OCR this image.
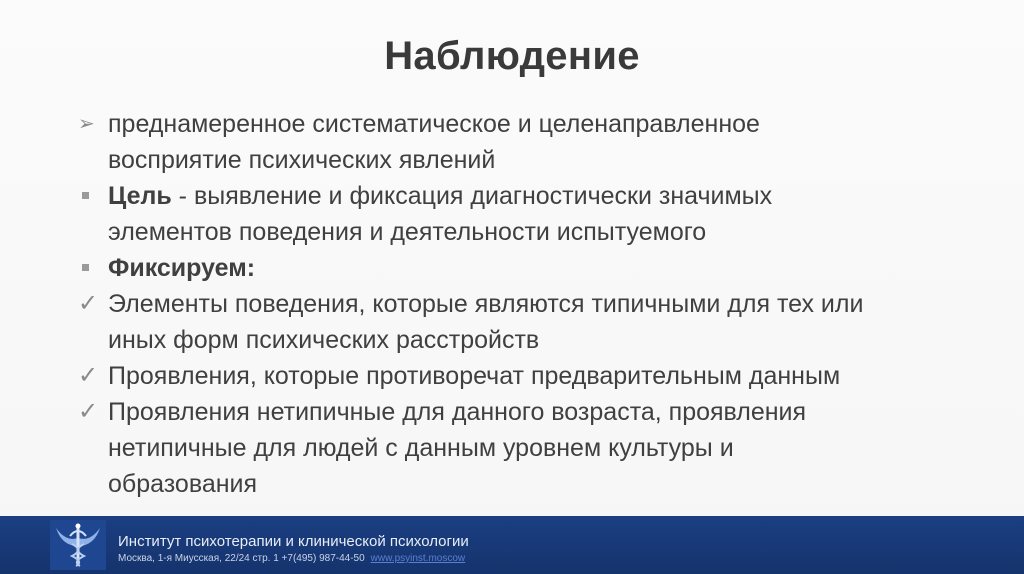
Наблюдение
➢ преднамеренное систематическое и целенаправленное
восприятие психических явлений
Цель - выявление и фиксация диагностически значимых
элементов поведения и деятельности испытуемого
Фиксируем:
✓ Элементы поведения, которые являются типичными для тех или
иных форм психических расстройств
✓ Проявления, которые противоречат предварительным данным
✓ Проявления нетипичные для данного возраста, проявления
нетипичные для людей с данным уровнем культуры и
образования
Институт психотерапии и клинической психологии
Москва, 1-я Миусская, 22/24 стр. 1 +7(495) 987-44-50 www.psyinst.moscow
